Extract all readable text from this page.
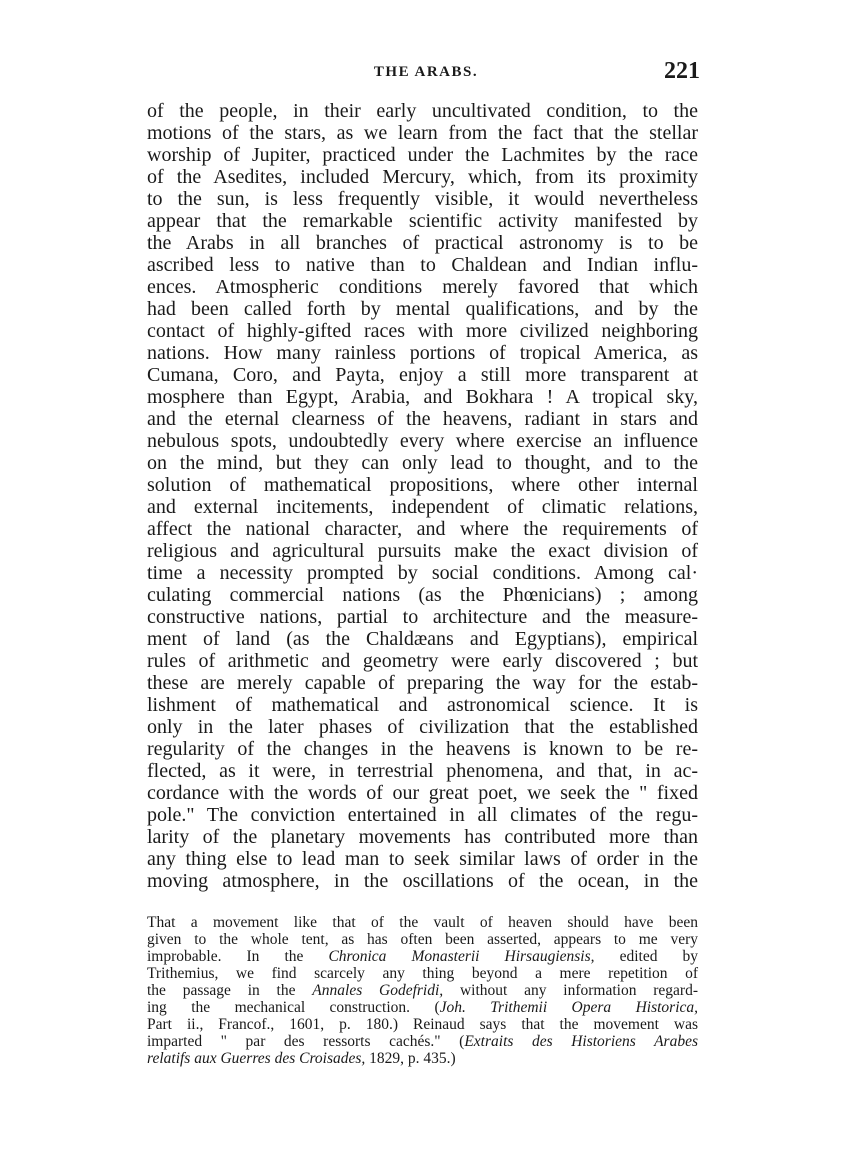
THE ARABS.	221
of the people, in their early uncultivated condition, to the
motions of the stars, as we learn from the fact that the stellar
worship of Jupiter, practiced under the Lachmites by the race
of the Asedites, included Mercury, which, from its proximity
to the sun, is less frequently visible, it would nevertheless
appear that the remarkable scientific activity manifested by
the Arabs in all branches of practical astronomy is to be
ascribed less to native than to Chaldean and Indian influ-
ences. Atmospheric conditions merely favored that which
had been called forth by mental qualifications, and by the
contact of highly-gifted races with more civilized neighboring
nations. How many rainless portions of tropical America, as
Cumana, Coro, and Payta, enjoy a still more transparent at
mosphere than Egypt, Arabia, and Bokhara ! A tropical sky,
and the eternal clearness of the heavens, radiant in stars and
nebulous spots, undoubtedly every where exercise an influence
on the mind, but they can only lead to thought, and to the
solution of mathematical propositions, where other internal
and external incitements, independent of climatic relations,
affect the national character, and where the requirements of
religious and agricultural pursuits make the exact division of
time a necessity prompted by social conditions. Among cal·
culating commercial nations (as the Phœnicians) ; among
constructive nations, partial to architecture and the measure-
ment of land (as the Chaldæans and Egyptians), empirical
rules of arithmetic and geometry were early discovered ; but
these are merely capable of preparing the way for the estab-
lishment of mathematical and astronomical science. It is
only in the later phases of civilization that the established
regularity of the changes in the heavens is known to be re-
flected, as it were, in terrestrial phenomena, and that, in ac-
cordance with the words of our great poet, we seek the " fixed
pole." The conviction entertained in all climates of the regu-
larity of the planetary movements has contributed more than
any thing else to lead man to seek similar laws of order in the
moving atmosphere, in the oscillations of the ocean, in the
That a movement like that of the vault of heaven should have been
given to the whole tent, as has often been asserted, appears to me very
improbable. In the Chronica Monasterii Hirsaugiensis, edited by
Trithemius, we find scarcely any thing beyond a mere repetition of
the passage in the Annales Godefridi, without any information regard-
ing the mechanical construction. (Joh. Trithemii Opera Historica,
Part ii., Francof., 1601, p. 180.) Reinaud says that the movement was
imparted " par des ressorts cachés." (Extraits des Historiens Arabes
relatifs aux Guerres des Croisades, 1829, p. 435.)
